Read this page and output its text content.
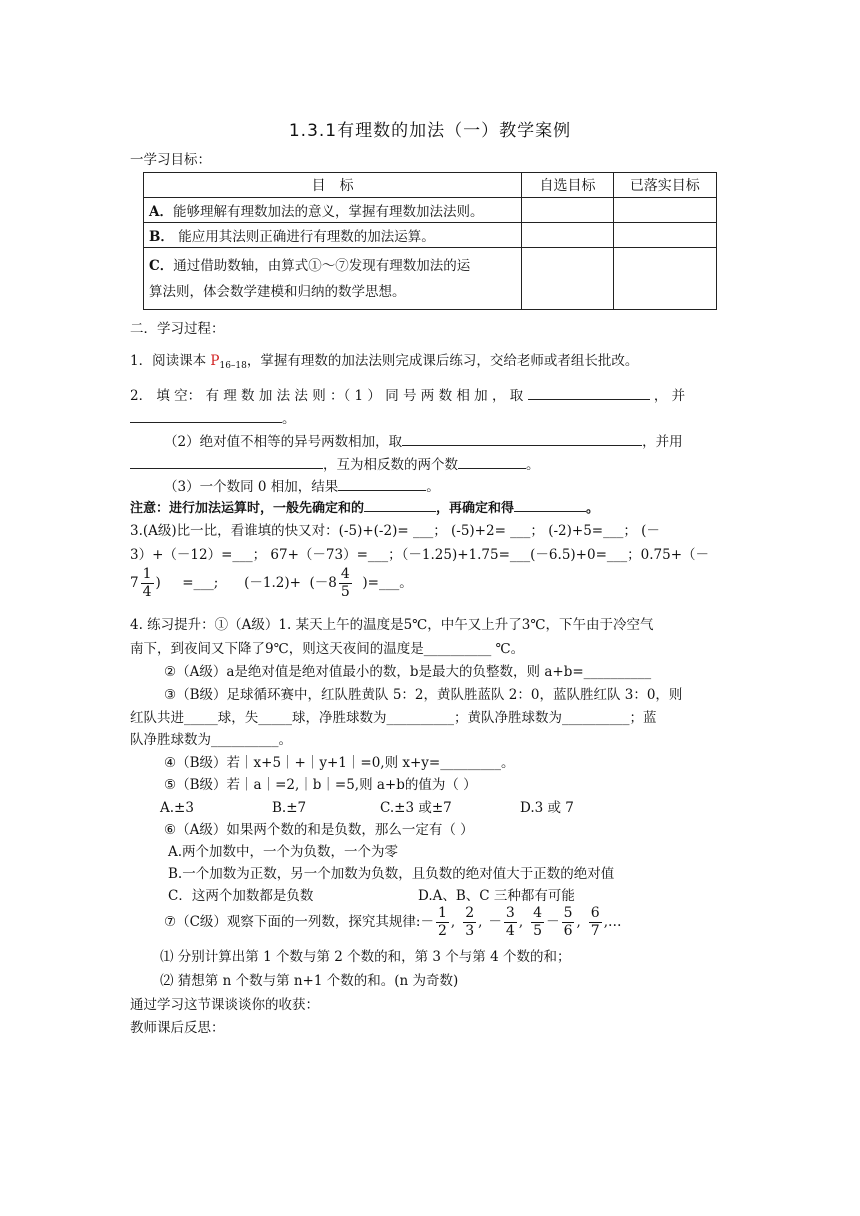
1.3.1有理数的加法（一）教学案例
一学习目标：
目　标	自选目标	已落实目标
A．能够理解有理数加法的意义，掌握有理数加法法则。		
B． 能应用其法则正确进行有理数的加法运算。		
C．通过借助数轴，由算式①～⑦发现有理数加法的运
算法则，体会数学建模和归纳的数学思想。		
二．学习过程：
1．阅读课本 $P_{16-18}$，掌握有理数的加法法则完成课后练习，交给老师或者组长批改。
2． 填 空： 有 理 数 加 法 法 则 ：（ 1 ） 同 号 两 数 相 加 ， 取	， 并
。
（2）绝对值不相等的异号两数相加，取	，并用
，互为相反数的两个数	。
（3）一个数同 0 相加，结果	。
注意：进行加法运算时，一般先确定和的	，再确定和得	。
3.(A级)比一比，看谁填的快又对：(-5)+(-2)= ___； (-5)+2= ___； (-2)+5=___； (－
3）+（－12）=___； 67+（－73）=___；（－1.25)+1.75=___(－6.5)+0=___；0.75+（－
$7 \frac{1}{4}$ )     =___;      $(-1.2)+ (-8 \frac{4}{5}$ )=___。
4. 练习提升：①（A级）1. 某天上午的温度是5℃，中午又上升了3℃，下午由于冷空气
南下，到夜间又下降了9℃，则这天夜间的温度是__________ ℃。
②（A级）a是绝对值是绝对值最小的数，b是最大的负整数，则 a+b=__________
③（B级）足球循环赛中，红队胜黄队 5：2，黄队胜蓝队 2：0，蓝队胜红队 3：0，则
红队共进_____球，失_____球，净胜球数为__________；黄队净胜球数为__________；蓝
队净胜球数为__________。
④（B级）若｜x+5｜+｜y+1｜=0,则 x+y=_________。
⑤（B级）若｜a｜=2,｜b｜=5,则 a+b的值为（ ）
A.±3	B.±7	C.±3 或±7	D.3 或 7
⑥（A级）如果两个数的和是负数，那么一定有（ ）
A.两个加数中，一个为负数，一个为零
B.一个加数为正数，另一个加数为负数，且负数的绝对值大于正数的绝对值
C．这两个加数都是负数	D.A、B、C 三种都有可能
⑦（C级）观察下面的一列数，探究其规律:－ $\frac{1}{2}$ , $\frac{2}{3}$ , － $\frac{3}{4}$ , $\frac{4}{5} - \frac{5}{6}$ , $\frac{6}{7}$ ,…
⑴ 分别计算出第 1 个数与第 2 个数的和，第 3 个与第 4 个数的和；
⑵ 猜想第 n 个数与第 n+1 个数的和。(n 为奇数)
通过学习这节课谈谈你的收获：
教师课后反思：
